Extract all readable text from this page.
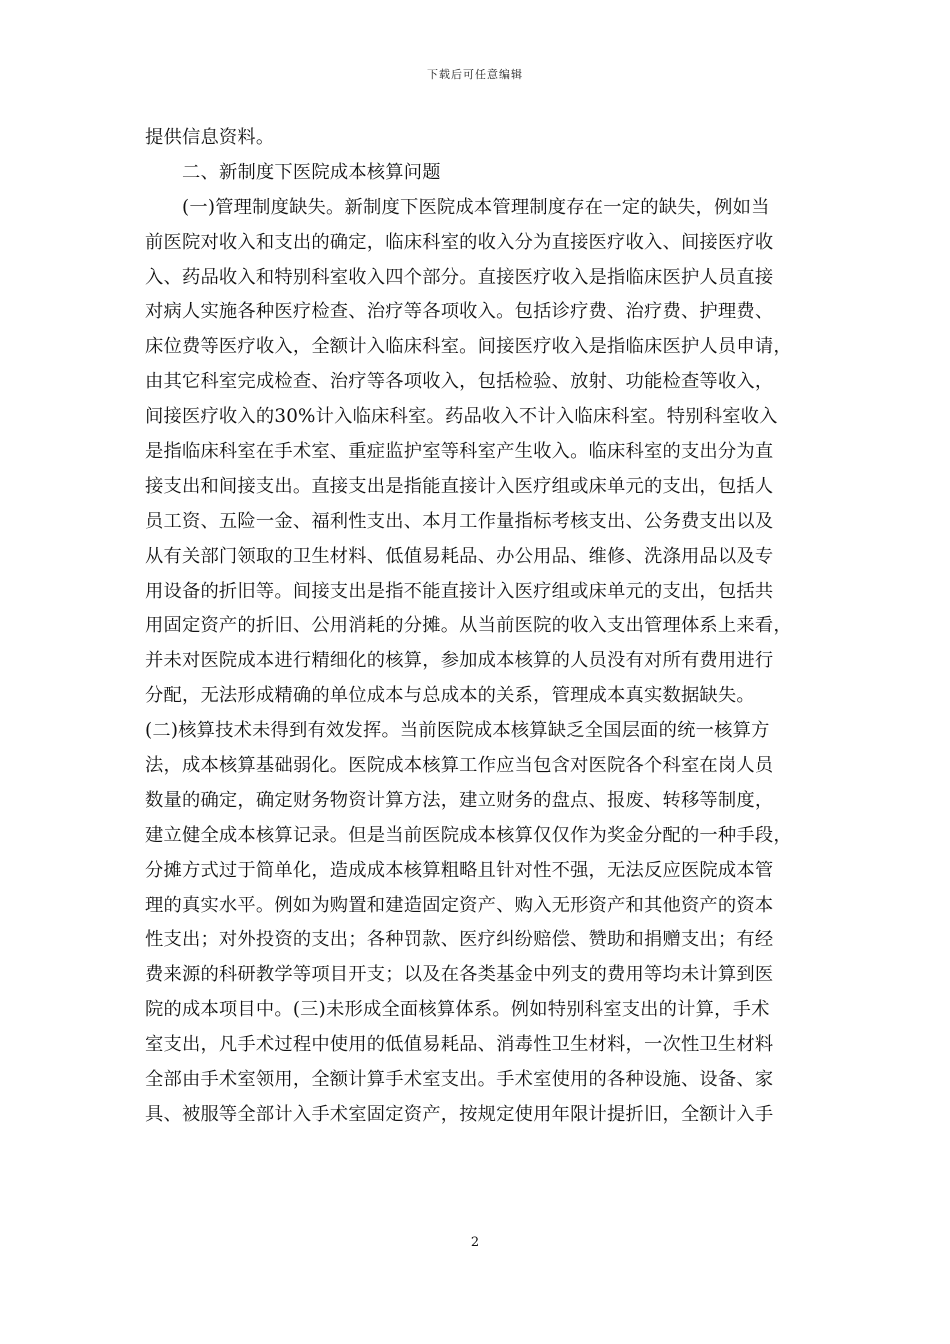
下载后可任意编辑
提供信息资料。
二、新制度下医院成本核算问题
(一)管理制度缺失。新制度下医院成本管理制度存在一定的缺失，例如当
前医院对收入和支出的确定，临床科室的收入分为直接医疗收入、间接医疗收
入、药品收入和特别科室收入四个部分。直接医疗收入是指临床医护人员直接
对病人实施各种医疗检查、治疗等各项收入。包括诊疗费、治疗费、护理费、
床位费等医疗收入，全额计入临床科室。间接医疗收入是指临床医护人员申请，
由其它科室完成检查、治疗等各项收入，包括检验、放射、功能检查等收入，
间接医疗收入的30%计入临床科室。药品收入不计入临床科室。特别科室收入
是指临床科室在手术室、重症监护室等科室产生收入。临床科室的支出分为直
接支出和间接支出。直接支出是指能直接计入医疗组或床单元的支出，包括人
员工资、五险一金、福利性支出、本月工作量指标考核支出、公务费支出以及
从有关部门领取的卫生材料、低值易耗品、办公用品、维修、洗涤用品以及专
用设备的折旧等。间接支出是指不能直接计入医疗组或床单元的支出，包括共
用固定资产的折旧、公用消耗的分摊。从当前医院的收入支出管理体系上来看，
并未对医院成本进行精细化的核算，参加成本核算的人员没有对所有费用进行
分配，无法形成精确的单位成本与总成本的关系，管理成本真实数据缺失。
(二)核算技术未得到有效发挥。当前医院成本核算缺乏全国层面的统一核算方
法，成本核算基础弱化。医院成本核算工作应当包含对医院各个科室在岗人员
数量的确定，确定财务物资计算方法，建立财务的盘点、报废、转移等制度，
建立健全成本核算记录。但是当前医院成本核算仅仅作为奖金分配的一种手段，
分摊方式过于简单化，造成成本核算粗略且针对性不强，无法反应医院成本管
理的真实水平。例如为购置和建造固定资产、购入无形资产和其他资产的资本
性支出；对外投资的支出；各种罚款、医疗纠纷赔偿、赞助和捐赠支出；有经
费来源的科研教学等项目开支；以及在各类基金中列支的费用等均未计算到医
院的成本项目中。(三)未形成全面核算体系。例如特别科室支出的计算，手术
室支出，凡手术过程中使用的低值易耗品、消毒性卫生材料，一次性卫生材料
全部由手术室领用，全额计算手术室支出。手术室使用的各种设施、设备、家
具、被服等全部计入手术室固定资产，按规定使用年限计提折旧，全额计入手
2
